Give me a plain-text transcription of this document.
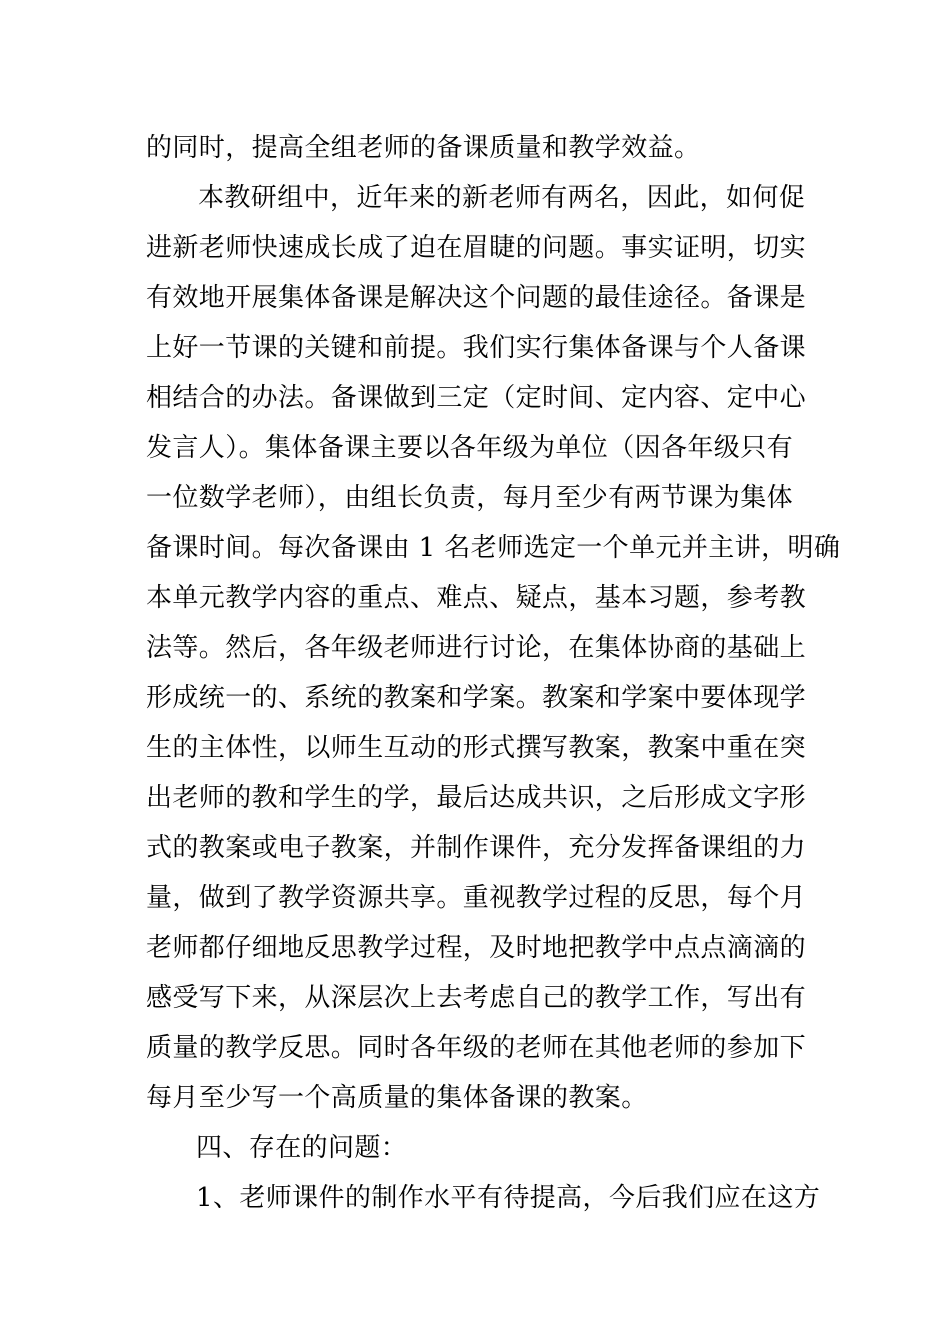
的同时，提高全组老师的备课质量和教学效益。
本教研组中，近年来的新老师有两名，因此，如何促
进新老师快速成长成了迫在眉睫的问题。事实证明，切实
有效地开展集体备课是解决这个问题的最佳途径。备课是
上好一节课的关键和前提。我们实行集体备课与个人备课
相结合的办法。备课做到三定（定时间、定内容、定中心
发言人）。集体备课主要以各年级为单位（因各年级只有
一位数学老师），由组长负责，每月至少有两节课为集体
备课时间。每次备课由 1 名老师选定一个单元并主讲，明确
本单元教学内容的重点、难点、疑点，基本习题，参考教
法等。然后，各年级老师进行讨论，在集体协商的基础上
形成统一的、系统的教案和学案。教案和学案中要体现学
生的主体性，以师生互动的形式撰写教案，教案中重在突
出老师的教和学生的学，最后达成共识，之后形成文字形
式的教案或电子教案，并制作课件，充分发挥备课组的力
量，做到了教学资源共享。重视教学过程的反思，每个月
老师都仔细地反思教学过程，及时地把教学中点点滴滴的
感受写下来，从深层次上去考虑自己的教学工作，写出有
质量的教学反思。同时各年级的老师在其他老师的参加下
每月至少写一个高质量的集体备课的教案。
四、存在的问题：
1、老师课件的制作水平有待提高，今后我们应在这方
